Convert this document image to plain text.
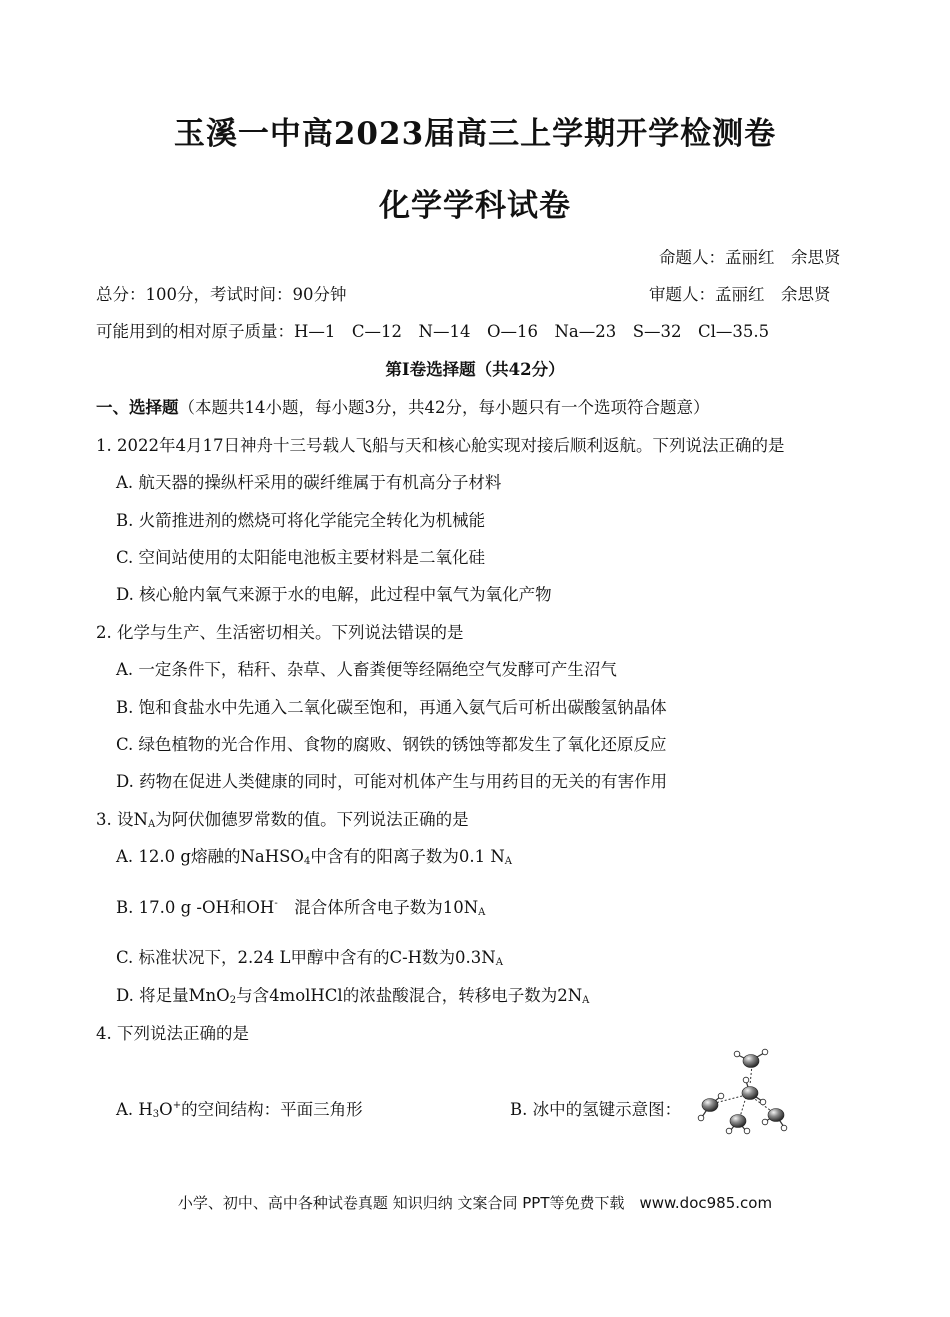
玉溪一中高2023届高三上学期开学检测卷
化学学科试卷
命题人：孟丽红　余思贤
总分：100分，考试时间：90分钟	审题人：孟丽红　余思贤
可能用到的相对原子质量：H—1　C—12　N—14　O—16　Na—23　S—32　Cl—35.5
第I卷选择题（共42分）
一、选择题（本题共14小题，每小题3分，共42分，每小题只有一个选项符合题意）
1. 2022年4月17日神舟十三号载人飞船与天和核心舱实现对接后顺利返航。下列说法正确的是
A. 航天器的操纵杆采用的碳纤维属于有机高分子材料
B. 火箭推进剂的燃烧可将化学能完全转化为机械能
C. 空间站使用的太阳能电池板主要材料是二氧化硅
D. 核心舱内氧气来源于水的电解，此过程中氧气为氧化产物
2. 化学与生产、生活密切相关。下列说法错误的是
A. 一定条件下，秸秆、杂草、人畜粪便等经隔绝空气发酵可产生沼气
B. 饱和食盐水中先通入二氧化碳至饱和，再通入氨气后可析出碳酸氢钠晶体
C. 绿色植物的光合作用、食物的腐败、钢铁的锈蚀等都发生了氧化还原反应
D. 药物在促进人类健康的同时，可能对机体产生与用药目的无关的有害作用
3. 设$N_A$为阿伏伽德罗常数的值。下列说法正确的是
A. 12.0 g熔融的NaHSO$_4$中含有的阳离子数为0.1 $N_A$
B. 17.0 g -OH和OH-　混合体所含电子数为$10N_A$
C. 标准状况下，2.24 L甲醇中含有的C-H数为$0.3N_A$
D. 将足量MnO$_2$与含4molHCl的浓盐酸混合，转移电子数为$2N_A$
4. 下列说法正确的是
A. $H_3O^+$的空间结构：平面三角形	B. 冰中的氢键示意图：
小学、初中、高中各种试卷真题 知识归纳 文案合同 PPT等免费下载　www.doc985.com
